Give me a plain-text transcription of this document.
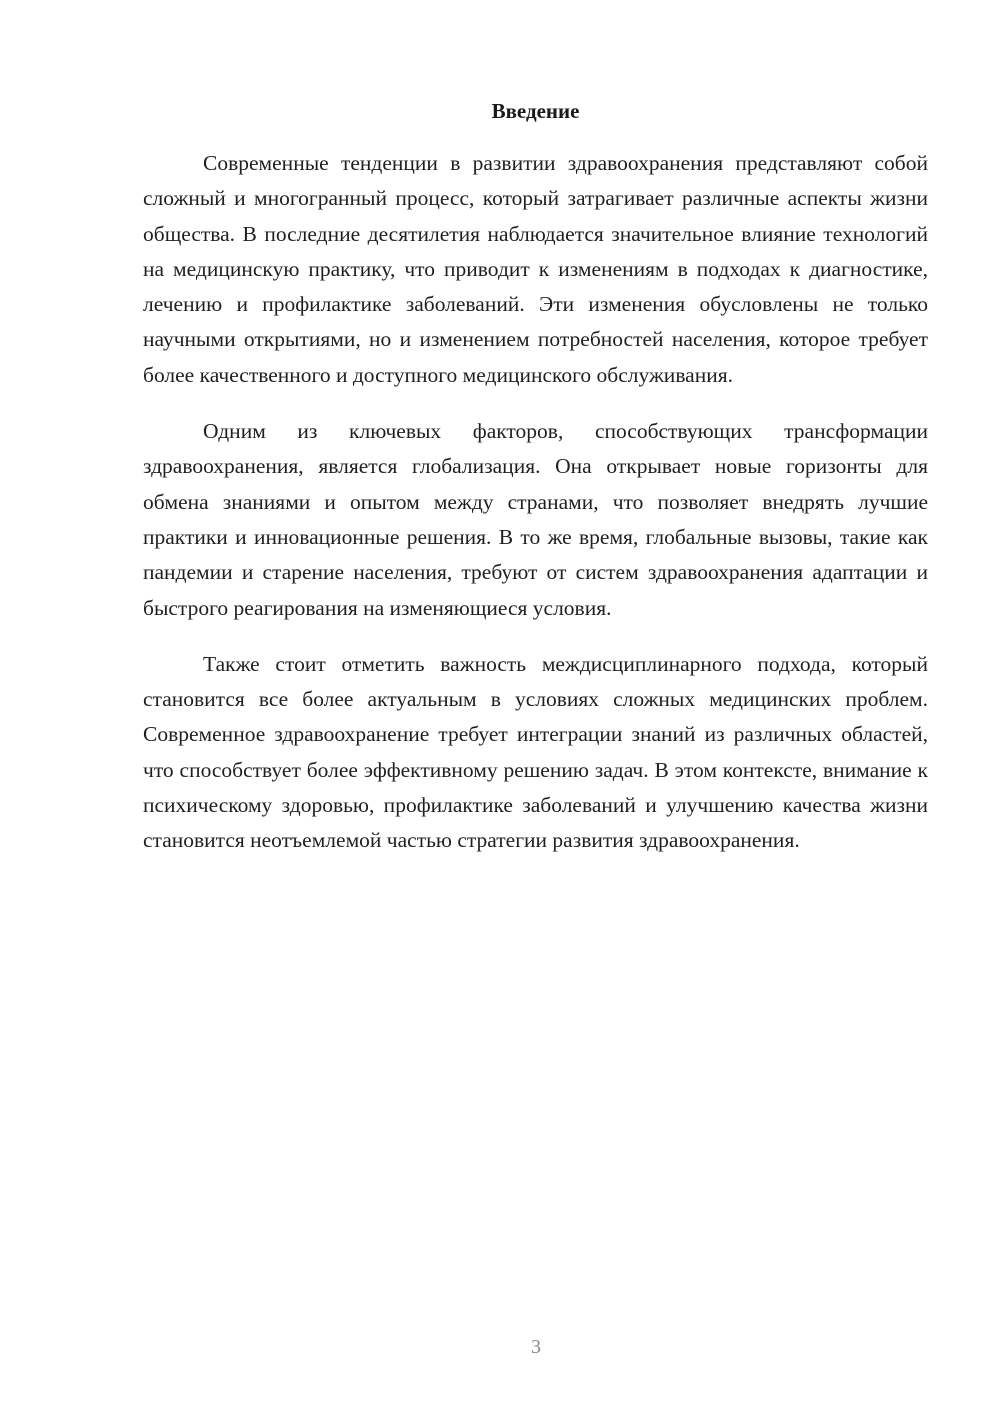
Введение

Современные тенденции в развитии здравоохранения представляют собой сложный и многогранный процесс, который затрагивает различные аспекты жизни общества. В последние десятилетия наблюдается значительное влияние технологий на медицинскую практику, что приводит к изменениям в подходах к диагностике, лечению и профилактике заболеваний. Эти изменения обусловлены не только научными открытиями, но и изменением потребностей населения, которое требует более качественного и доступного медицинского обслуживания.

Одним из ключевых факторов, способствующих трансформации здравоохранения, является глобализация. Она открывает новые горизонты для обмена знаниями и опытом между странами, что позволяет внедрять лучшие практики и инновационные решения. В то же время, глобальные вызовы, такие как пандемии и старение населения, требуют от систем здравоохранения адаптации и быстрого реагирования на изменяющиеся условия.

Также стоит отметить важность междисциплинарного подхода, который становится все более актуальным в условиях сложных медицинских проблем. Современное здравоохранение требует интеграции знаний из различных областей, что способствует более эффективному решению задач. В этом контексте, внимание к психическому здоровью, профилактике заболеваний и улучшению качества жизни становится неотъемлемой частью стратегии развития здравоохранения.

3
